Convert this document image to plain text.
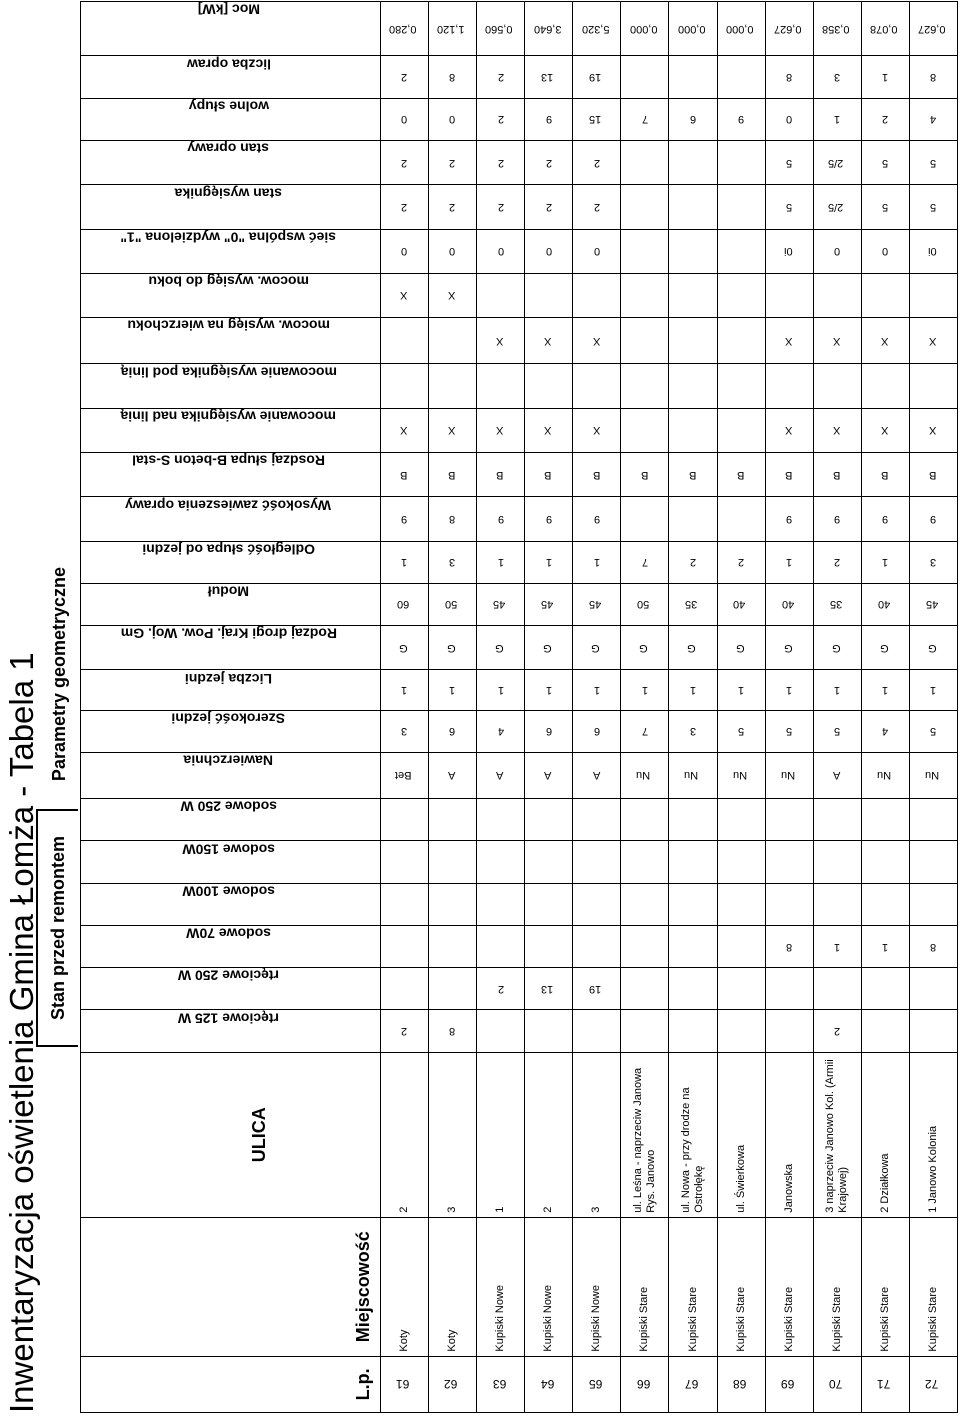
Inwentaryzacja oświetlenia Gmina Łomża - Tabela 1 Stan przed remontem
Parametry geometryczne
L.p.	Miejscowość	ULICA	rtęciowe 125 W	rtęciowe 250 W	sodowe 70W	sodowe 100W	sodowe 150W	sodowe 250 W	Nawierzchnia	Szerokość jezdni	Liczba jezdni	Rodzaj drogi Kraj. Pow. Woj. Gm	Moduł	Odległość słupa od jezdni	Wysokość zawieszenia oprawy	Rosdzaj słupa B-beton S-stal	mocowanie wysięgnika nad linią	mocowanie wysięgnika pod linią	mocow. wysięg na wierzchoku	mocow. wysięg do boku	sieć wspólna "0" wydzielona "1"	stan wysięgnika	stan oprawy	wolne słupy	liczba opraw	Moc [kW]

61	Koty	2	2						Bet	3	1	G	60	1	9	B	X			X	0	2	2	0	2	0,280
62	Koty	3	8						A	6	1	G	50	3	8	B	X			X	0	2	2	0	8	1,120
63	Kupiski Nowe	1		2					A	4	1	G	45	1	9	B	X		X		0	2	2	2	2	0,560
64	Kupiski Nowe	2		13					A	6	1	G	45	1	9	B	X		X		0	2	2	9	13	3,640
65	Kupiski Nowe	3		19					A	6	1	G	45	1	9	B	X		X		0	2	2	15	19	5,320
66	Kupiski Stare	ul. Leśna - naprzeciw Janowa Rys. Janowo							Nu	7	1	G	50	7		B								7		0,000
67	Kupiski Stare	ul. Nowa - przy drodze na Ostrołękę							Nu	3	1	G	35	2		B								6		0,000
68	Kupiski Stare	ul. Świerkowa							Nu	5	1	G	40	2		B								9		0,000
69	Kupiski Stare	Janowska			8				Nu	5	1	G	40	1	9	B	X		X		0i	5	5	0	8	0,627
70	Kupiski Stare	3 naprzeciw Janowo Kol. (Armii Krajowej)	2		1				A	5	1	G	35	2	9	B	X		X		0	2/5	2/5	1	3	0,358
71	Kupiski Stare	2 Działkowa			1				Nu	4	1	G	40	1	9	B	X		X		0	5	5	2	1	0,078
72	Kupiski Stare	1 Janowo Kolonia			8				Nu	5	1	G	45	3	9	B	X		X		0i	5	5	4	8	0,627
